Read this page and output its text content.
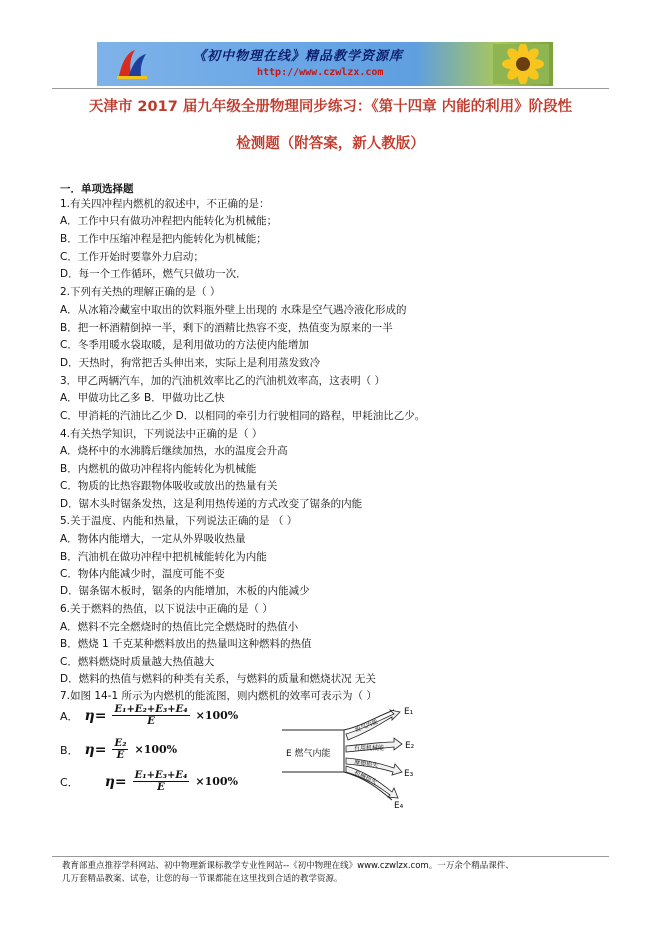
《初中物理在线》精品教学资源库
http://www.czwlzx.com
天津市 2017 届九年级全册物理同步练习：《第十四章 内能的利用》阶段性
检测题（附答案，新人教版）
一．单项选择题
1.有关四冲程内燃机的叙述中，不正确的是：
A．工作中只有做功冲程把内能转化为机械能；
B．工作中压缩冲程是把内能转化为机械能；
C．工作开始时要靠外力启动；
D．每一个工作循环，燃气只做功一次．
2.下列有关热的理解正确的是（ ）
A．从冰箱冷藏室中取出的饮料瓶外壁上出现的 水珠是空气遇冷液化形成的
B．把一杯酒精倒掉一半，剩下的酒精比热容不变，热值变为原来的一半
C．冬季用暖水袋取暖，是利用做功的方法使内能增加
D．天热时，狗常把舌头伸出来，实际上是利用蒸发致冷
3．甲乙两辆汽车，加的汽油机效率比乙的汽油机效率高，这表明（ ）
A．甲做功比乙多 B．甲做功比乙快
C．甲消耗的汽油比乙少 D．以相同的牵引力行驶相同的路程，甲耗油比乙少。
4.有关热学知识，下列说法中正确的是（ ）
A．烧杯中的水沸腾后继续加热，水的温度会升高
B．内燃机的做功冲程将内能转化为机械能
C．物质的比热容跟物体吸收或放出的热量有关
D．锯木头时锯条发热，这是利用热传递的方式改变了锯条的内能
5.关于温度、内能和热量，下列说法正确的是 （ ）
A．物体内能增大，一定从外界吸收热量
B．汽油机在做功冲程中把机械能转化为内能
C．物体内能减少时，温度可能不变
D．锯条锯木板时，锯条的内能增加，木板的内能减少
6.关于燃料的热值，以下说法中正确的是（ ）
A．燃料不完全燃烧时的热值比完全燃烧时的热值小
B．燃烧 1 千克某种燃料放出的热量叫这种燃料的热值
C．燃料燃烧时质量越大热值越大
D．燃料的热值与燃料的种类有关系，与燃料的质量和燃烧状况 无关
7.如图 14-1 所示为内燃机的能流图，则内燃机的效率可表示为（ ）
A． $\eta= \frac{\text{E₁+E₂+E₃+E₄}}{E} \times 100\%$
B． $\eta= \frac{\text{E₂}}{E} \times 100\%$
C． $\eta= \frac{\text{E₁+E₃+E₄}}{E} \times 100\%$
E 燃气内能
废气内能
有用机械能
摩擦损失
机械损失
E₁
E₂
E₃
E₄
教育部重点推荐学科网站、初中物理新课标教学专业性网站--《初中物理在线》www.czwlzx.com。一万余个精品课件、
几万套精品教案、试卷，让您的每一节课都能在这里找到合适的教学资源。
